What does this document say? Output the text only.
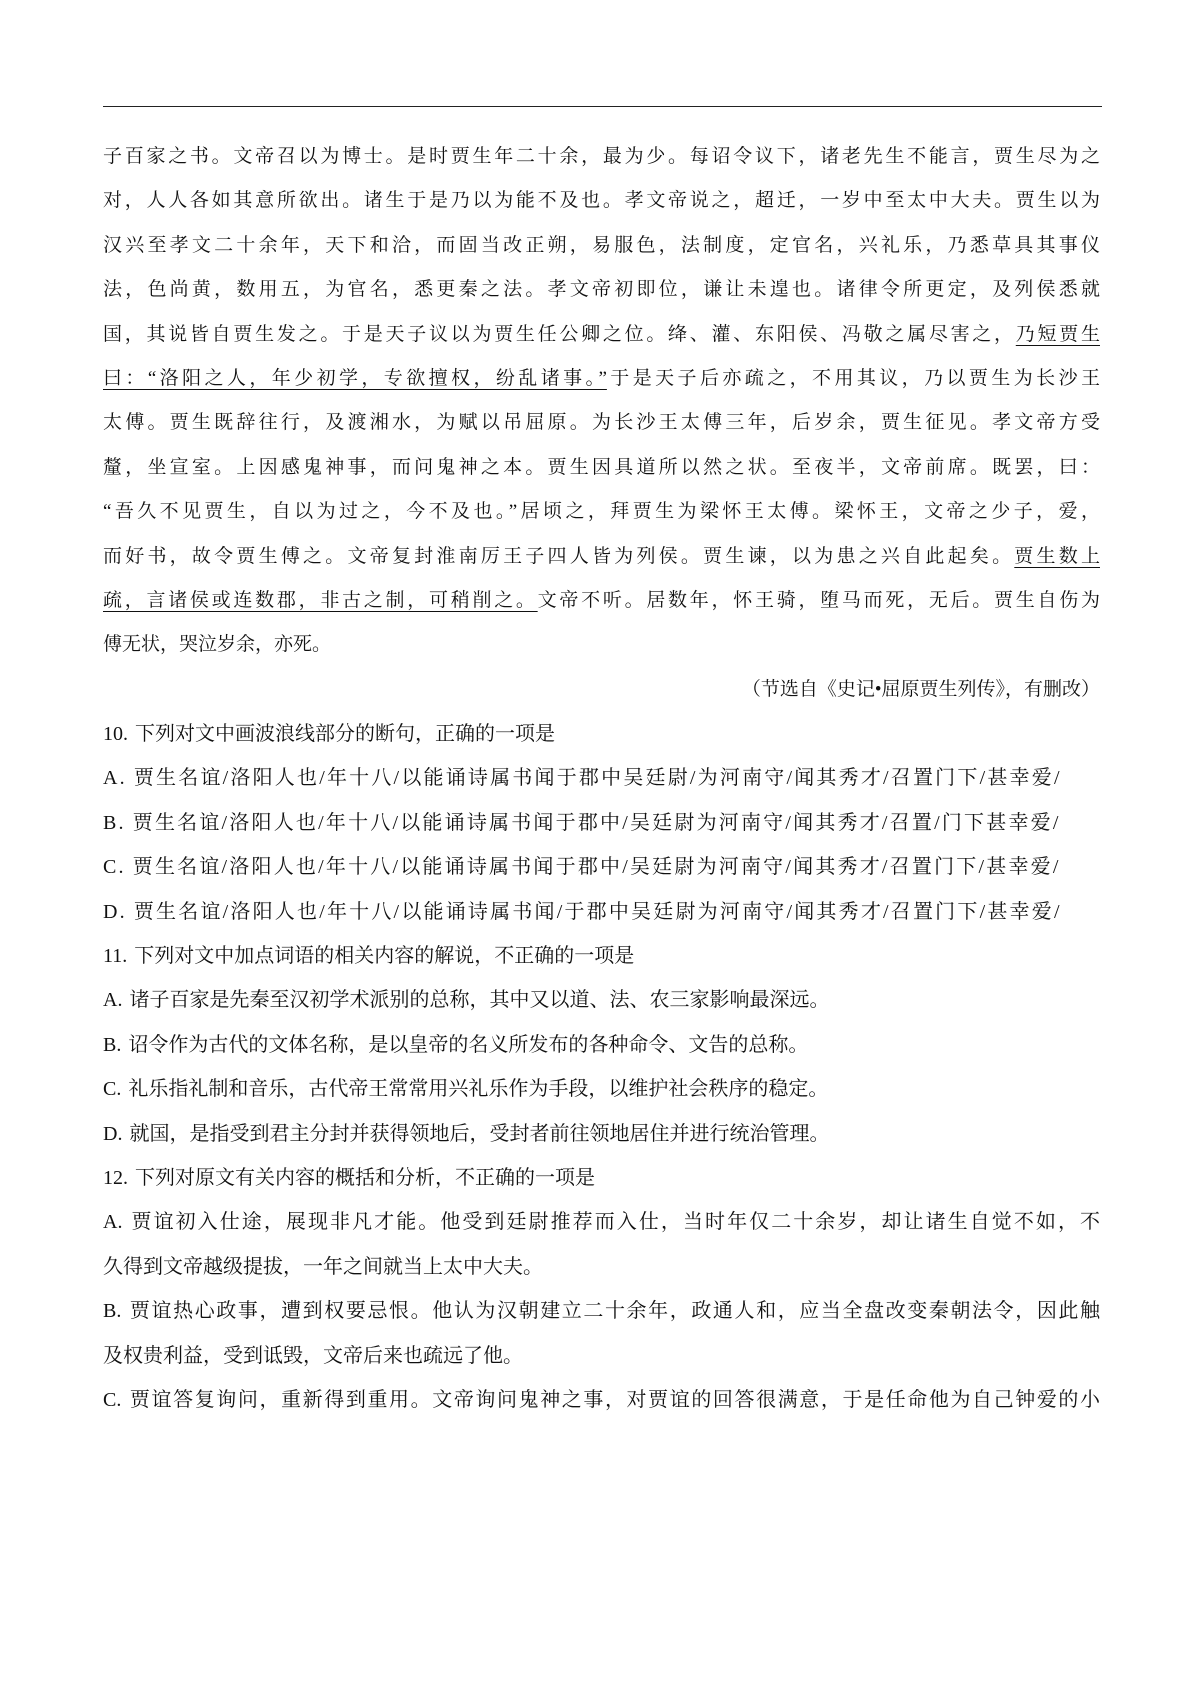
子百家之书。文帝召以为博士。是时贾生年二十余，最为少。每诏令议下，诸老先生不能言，贾生尽为之
对，人人各如其意所欲出。诸生于是乃以为能不及也。孝文帝说之，超迁，一岁中至太中大夫。贾生以为
汉兴至孝文二十余年，天下和洽，而固当改正朔，易服色，法制度，定官名，兴礼乐，乃悉草具其事仪
法，色尚黄，数用五，为官名，悉更秦之法。孝文帝初即位，谦让未遑也。诸律令所更定，及列侯悉就
国，其说皆自贾生发之。于是天子议以为贾生任公卿之位。绛、灌、东阳侯、冯敬之属尽害之，乃短贾生
曰：“洛阳之人，年少初学，专欲擅权，纷乱诸事。”于是天子后亦疏之，不用其议，乃以贾生为长沙王
太傅。贾生既辞往行，及渡湘水，为赋以吊屈原。为长沙王太傅三年，后岁余，贾生征见。孝文帝方受
釐，坐宣室。上因感鬼神事，而问鬼神之本。贾生因具道所以然之状。至夜半，文帝前席。既罢，曰：
“吾久不见贾生，自以为过之，今不及也。”居顷之，拜贾生为梁怀王太傅。梁怀王，文帝之少子，爱，
而好书，故令贾生傅之。文帝复封淮南厉王子四人皆为列侯。贾生谏，以为患之兴自此起矣。贾生数上
疏，言诸侯或连数郡，非古之制，可稍削之。文帝不听。居数年，怀王骑，堕马而死，无后。贾生自伤为
傅无状，哭泣岁余，亦死。
（节选自《史记•屈原贾生列传》，有删改）
10. 下列对文中画波浪线部分的断句，正确的一项是
A. 贾生名谊/洛阳人也/年十八/以能诵诗属书闻于郡中吴廷尉/为河南守/闻其秀才/召置门下/甚幸爱/
B. 贾生名谊/洛阳人也/年十八/以能诵诗属书闻于郡中/吴廷尉为河南守/闻其秀才/召置/门下甚幸爱/
C. 贾生名谊/洛阳人也/年十八/以能诵诗属书闻于郡中/吴廷尉为河南守/闻其秀才/召置门下/甚幸爱/
D. 贾生名谊/洛阳人也/年十八/以能诵诗属书闻/于郡中吴廷尉为河南守/闻其秀才/召置门下/甚幸爱/
11. 下列对文中加点词语的相关内容的解说，不正确的一项是
A. 诸子百家是先秦至汉初学术派别的总称，其中又以道、法、农三家影响最深远。
B. 诏令作为古代的文体名称，是以皇帝的名义所发布的各种命令、文告的总称。
C. 礼乐指礼制和音乐，古代帝王常常用兴礼乐作为手段，以维护社会秩序的稳定。
D. 就国，是指受到君主分封并获得领地后，受封者前往领地居住并进行统治管理。
12. 下列对原文有关内容的概括和分析，不正确的一项是
A. 贾谊初入仕途，展现非凡才能。他受到廷尉推荐而入仕，当时年仅二十余岁，却让诸生自觉不如，不
久得到文帝越级提拔，一年之间就当上太中大夫。
B. 贾谊热心政事，遭到权要忌恨。他认为汉朝建立二十余年，政通人和，应当全盘改变秦朝法令，因此触
及权贵利益，受到诋毁，文帝后来也疏远了他。
C. 贾谊答复询问，重新得到重用。文帝询问鬼神之事，对贾谊的回答很满意，于是任命他为自己钟爱的小
